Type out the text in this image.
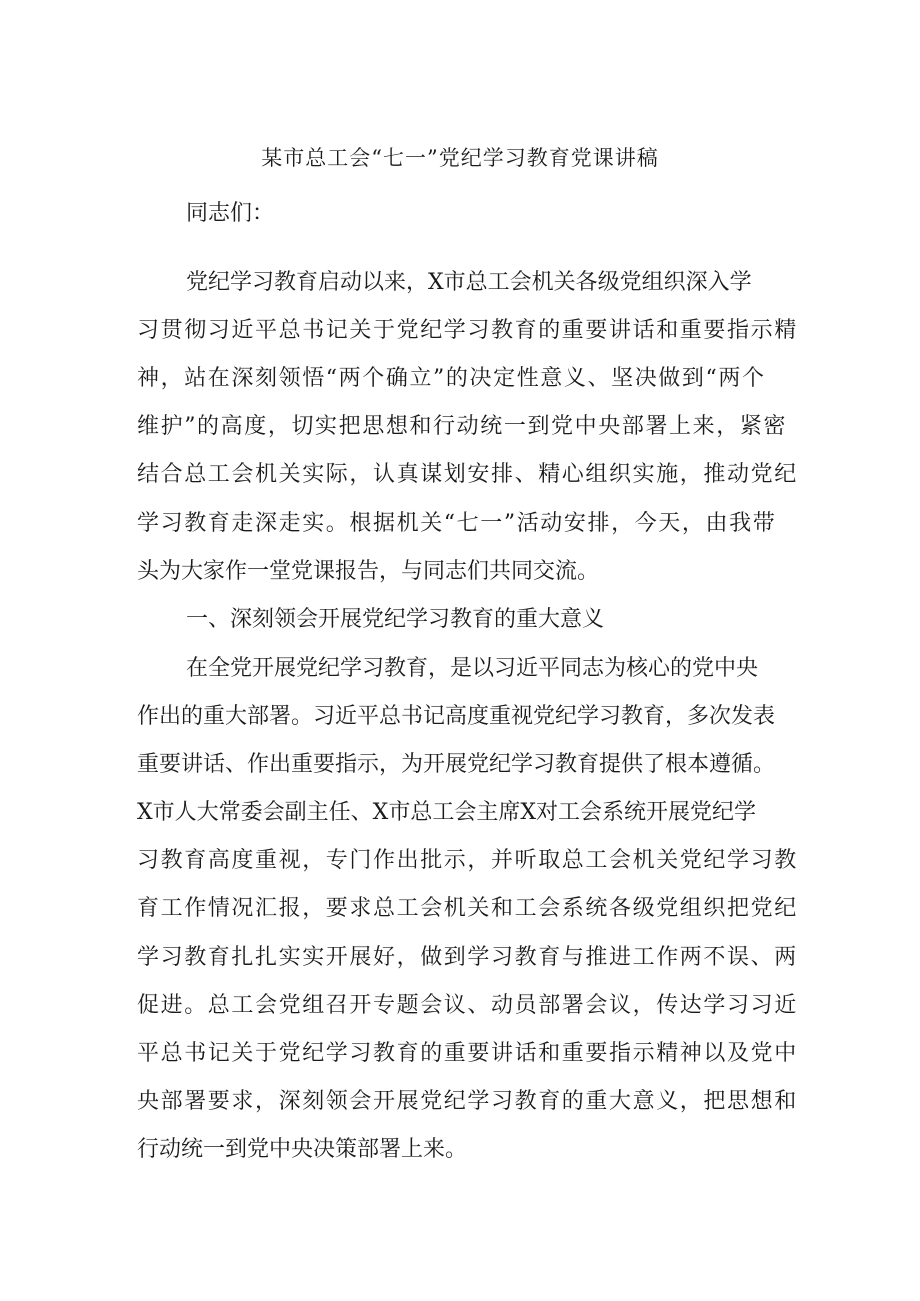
某市总工会“七一”党纪学习教育党课讲稿
同志们：
党纪学习教育启动以来，X市总工会机关各级党组织深入学
习贯彻习近平总书记关于党纪学习教育的重要讲话和重要指示精
神，站在深刻领悟“两个确立”的决定性意义、坚决做到“两个
维护”的高度，切实把思想和行动统一到党中央部署上来，紧密
结合总工会机关实际，认真谋划安排、精心组织实施，推动党纪
学习教育走深走实。根据机关“七一”活动安排，今天，由我带
头为大家作一堂党课报告，与同志们共同交流。
一、深刻领会开展党纪学习教育的重大意义
在全党开展党纪学习教育，是以习近平同志为核心的党中央
作出的重大部署。习近平总书记高度重视党纪学习教育，多次发表
重要讲话、作出重要指示，为开展党纪学习教育提供了根本遵循。
X市人大常委会副主任、X市总工会主席X对工会系统开展党纪学
习教育高度重视，专门作出批示，并听取总工会机关党纪学习教
育工作情况汇报，要求总工会机关和工会系统各级党组织把党纪
学习教育扎扎实实开展好，做到学习教育与推进工作两不误、两
促进。总工会党组召开专题会议、动员部署会议，传达学习习近
平总书记关于党纪学习教育的重要讲话和重要指示精神以及党中
央部署要求，深刻领会开展党纪学习教育的重大意义，把思想和
行动统一到党中央决策部署上来。
